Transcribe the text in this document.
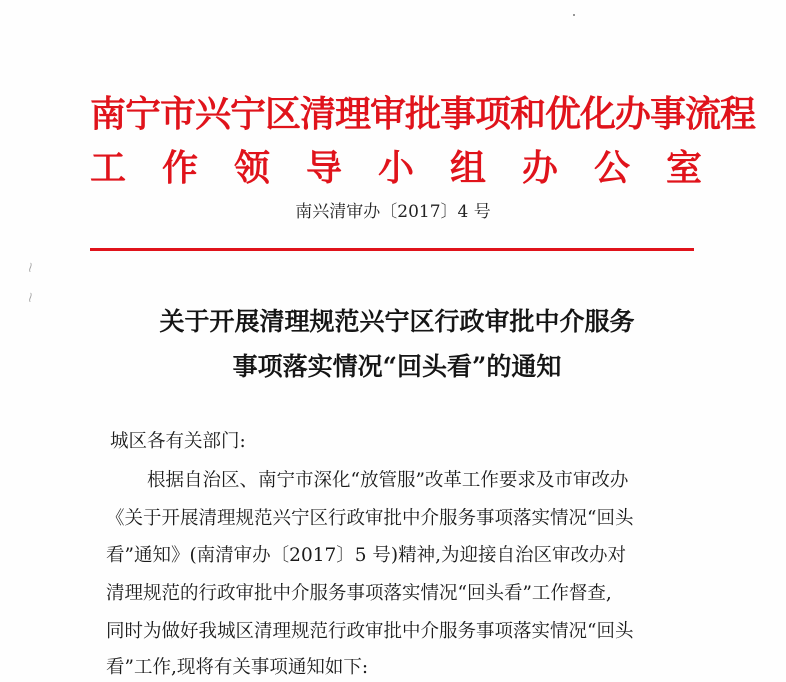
南宁市兴宁区清理审批事项和优化办事流程
工　作　领　导　小　组　办　公　室
南兴清审办〔2017〕4 号
⁓
⁓
关于开展清理规范兴宁区行政审批中介服务
事项落实情况“回头看”的通知
城区各有关部门:
　　根据自治区、南宁市深化“放管服”改革工作要求及市审改办
《关于开展清理规范兴宁区行政审批中介服务事项落实情况“回头
看”通知》(南清审办〔2017〕5 号)精神,为迎接自治区审改办对
清理规范的行政审批中介服务事项落实情况“回头看”工作督查,
同时为做好我城区清理规范行政审批中介服务事项落实情况“回头
看”工作,现将有关事项通知如下:
